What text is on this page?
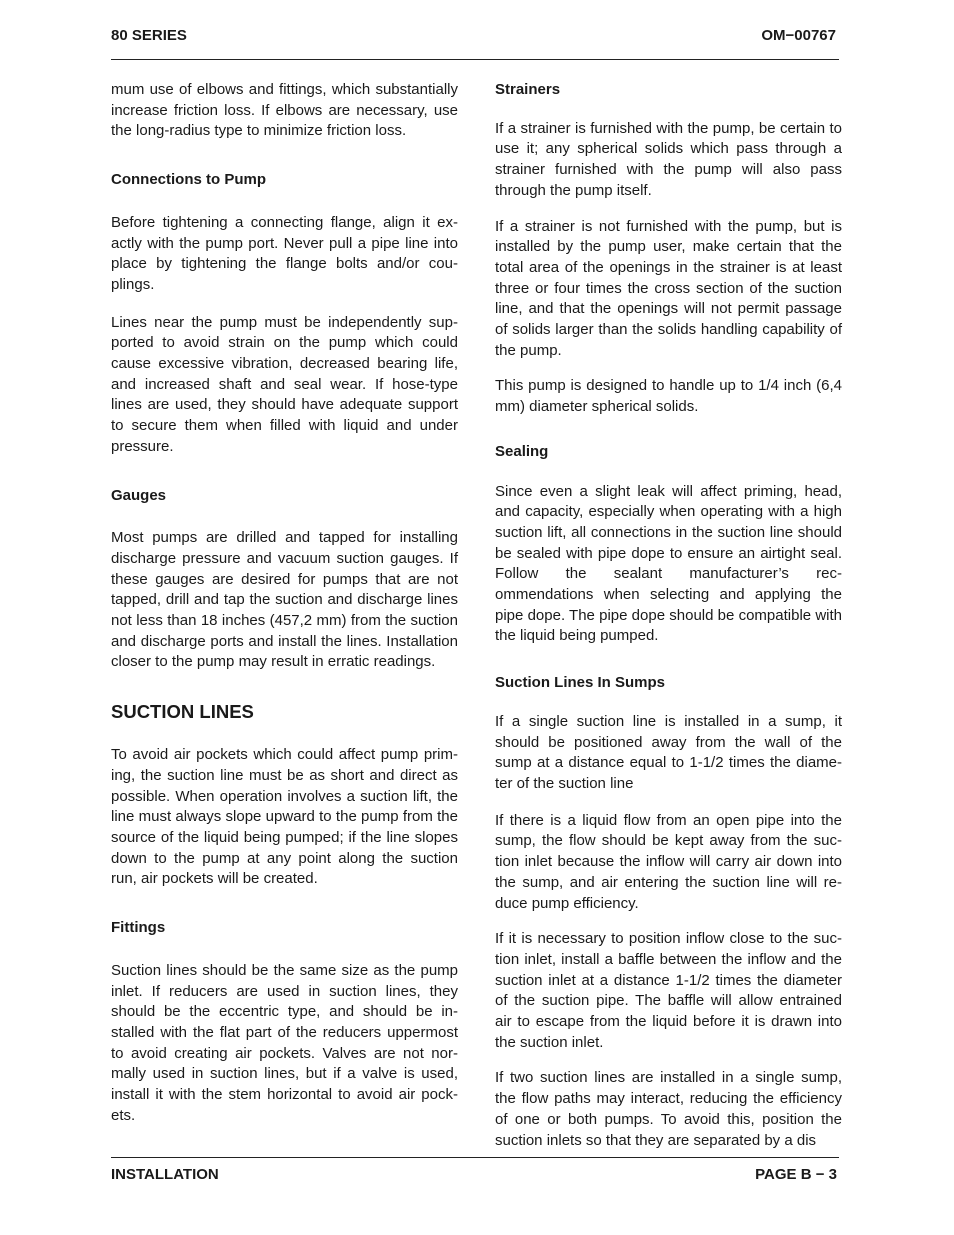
80 SERIES	OM−00767

mum use of elbows and fittings, which substantially increase friction loss. If elbows are necessary, use the long-radius type to minimize friction loss.

Connections to Pump

Before tightening a connecting flange, align it exactly with the pump port. Never pull a pipe line into place by tightening the flange bolts and/or couplings.

Lines near the pump must be independently supported to avoid strain on the pump which could cause excessive vibration, decreased bearing life, and increased shaft and seal wear. If hose-type lines are used, they should have adequate support to secure them when filled with liquid and under pressure.

Gauges

Most pumps are drilled and tapped for installing discharge pressure and vacuum suction gauges. If these gauges are desired for pumps that are not tapped, drill and tap the suction and discharge lines not less than 18 inches (457,2 mm) from the suction and discharge ports and install the lines. Installation closer to the pump may result in erratic readings.

SUCTION LINES

To avoid air pockets which could affect pump priming, the suction line must be as short and direct as possible. When operation involves a suction lift, the line must always slope upward to the pump from the source of the liquid being pumped; if the line slopes down to the pump at any point along the suction run, air pockets will be created.

Fittings

Suction lines should be the same size as the pump inlet. If reducers are used in suction lines, they should be the eccentric type, and should be installed with the flat part of the reducers uppermost to avoid creating air pockets. Valves are not normally used in suction lines, but if a valve is used, install it with the stem horizontal to avoid air pockets.

Strainers

If a strainer is furnished with the pump, be certain to use it; any spherical solids which pass through a strainer furnished with the pump will also pass through the pump itself.

If a strainer is not furnished with the pump, but is installed by the pump user, make certain that the total area of the openings in the strainer is at least three or four times the cross section of the suction line, and that the openings will not permit passage of solids larger than the solids handling capability of the pump.

This pump is designed to handle up to 1/4 inch (6,4 mm) diameter spherical solids.

Sealing

Since even a slight leak will affect priming, head, and capacity, especially when operating with a high suction lift, all connections in the suction line should be sealed with pipe dope to ensure an airtight seal. Follow the sealant manufacturer’s recommendations when selecting and applying the pipe dope. The pipe dope should be compatible with the liquid being pumped.

Suction Lines In Sumps

If a single suction line is installed in a sump, it should be positioned away from the wall of the sump at a distance equal to 1-1/2 times the diameter of the suction line

If there is a liquid flow from an open pipe into the sump, the flow should be kept away from the suction inlet because the inflow will carry air down into the sump, and air entering the suction line will reduce pump efficiency.

If it is necessary to position inflow close to the suction inlet, install a baffle between the inflow and the suction inlet at a distance 1-1/2 times the diameter of the suction pipe. The baffle will allow entrained air to escape from the liquid before it is drawn into the suction inlet.

If two suction lines are installed in a single sump, the flow paths may interact, reducing the efficiency of one or both pumps. To avoid this, position the suction inlets so that they are separated by a dis

INSTALLATION	PAGE B − 3
